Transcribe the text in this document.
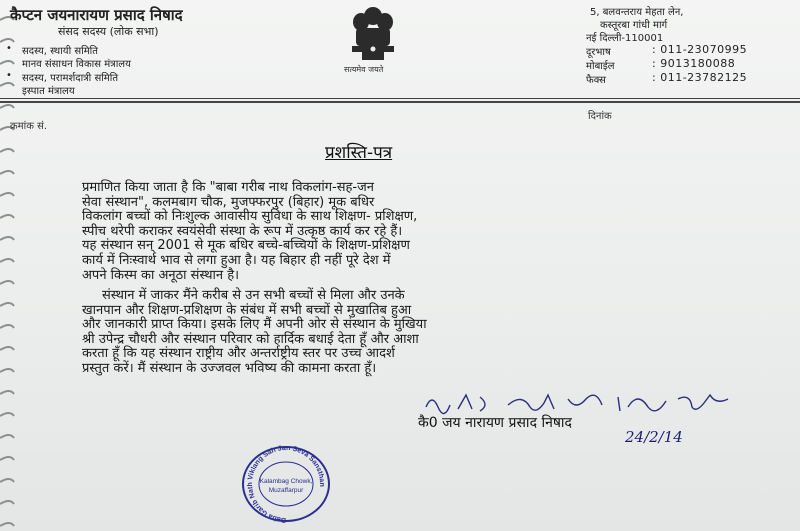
कैप्टन जयनारायण प्रसाद निषाद
संसद सदस्य (लोक सभा)
• सदस्य, स्थायी समिति
मानव संसाधन विकास मंत्रालय
• सदस्य, परामर्शदात्री समिति
इस्पात मंत्रालय
सत्यमेव जयते
5, बलवन्तराय मेहता लेन,
कस्तूरबा गांधी मार्ग
नई दिल्ली-110001
दूरभाष	: 011-23070995
मोबाईल	: 9013180088
फैक्स	: 011-23782125
क्रमांक सं.
दिनांक
प्रशस्ति-पत्र
प्रमाणित किया जाता है कि "बाबा गरीब नाथ विकलांग-सह-जन
सेवा संस्थान", कलमबाग चौक, मुजफ्फरपुर (बिहार) मूक बधिर
विकलांग बच्चों को निःशुल्क आवासीय सुविधा के साथ शिक्षण- प्रशिक्षण,
स्पीच थरेपी कराकर स्वयंसेवी संस्था के रूप में उत्कृष्ठ कार्य कर रहे हैं।
यह संस्थान सन् 2001 से मूक बधिर बच्चे-बच्चियों के शिक्षण-प्रशिक्षण
कार्य में निःस्वार्थ भाव से लगा हुआ है। यह बिहार ही नहीं पूरे देश में
अपने किस्म का अनूठा संस्थान है।
संस्थान में जाकर मैंने करीब से उन सभी बच्चों से मिला और उनके
खानपान और शिक्षण-प्रशिक्षण के संबंध में सभी बच्चों से मुखातिब हुआ
और जानकारी प्राप्त किया। इसके लिए मैं अपनी ओर से संस्थान के मुखिया
श्री उपेन्द्र चौधरी और संस्थान परिवार को हार्दिक बधाई देता हूँ और आशा
करता हूँ कि यह संस्थान राष्ट्रीय और अन्तर्राष्ट्रीय स्तर पर उच्च आदर्श
प्रस्तुत करें। मैं संस्थान के उज्जवल भविष्य की कामना करता हूँ।
कै0 जय नारायण प्रसाद निषाद
24/2/14
Baba Garib Nath Viklang Sah Jan Seva Sansthan
Kalambag Chowk,
Muzaffarpur
